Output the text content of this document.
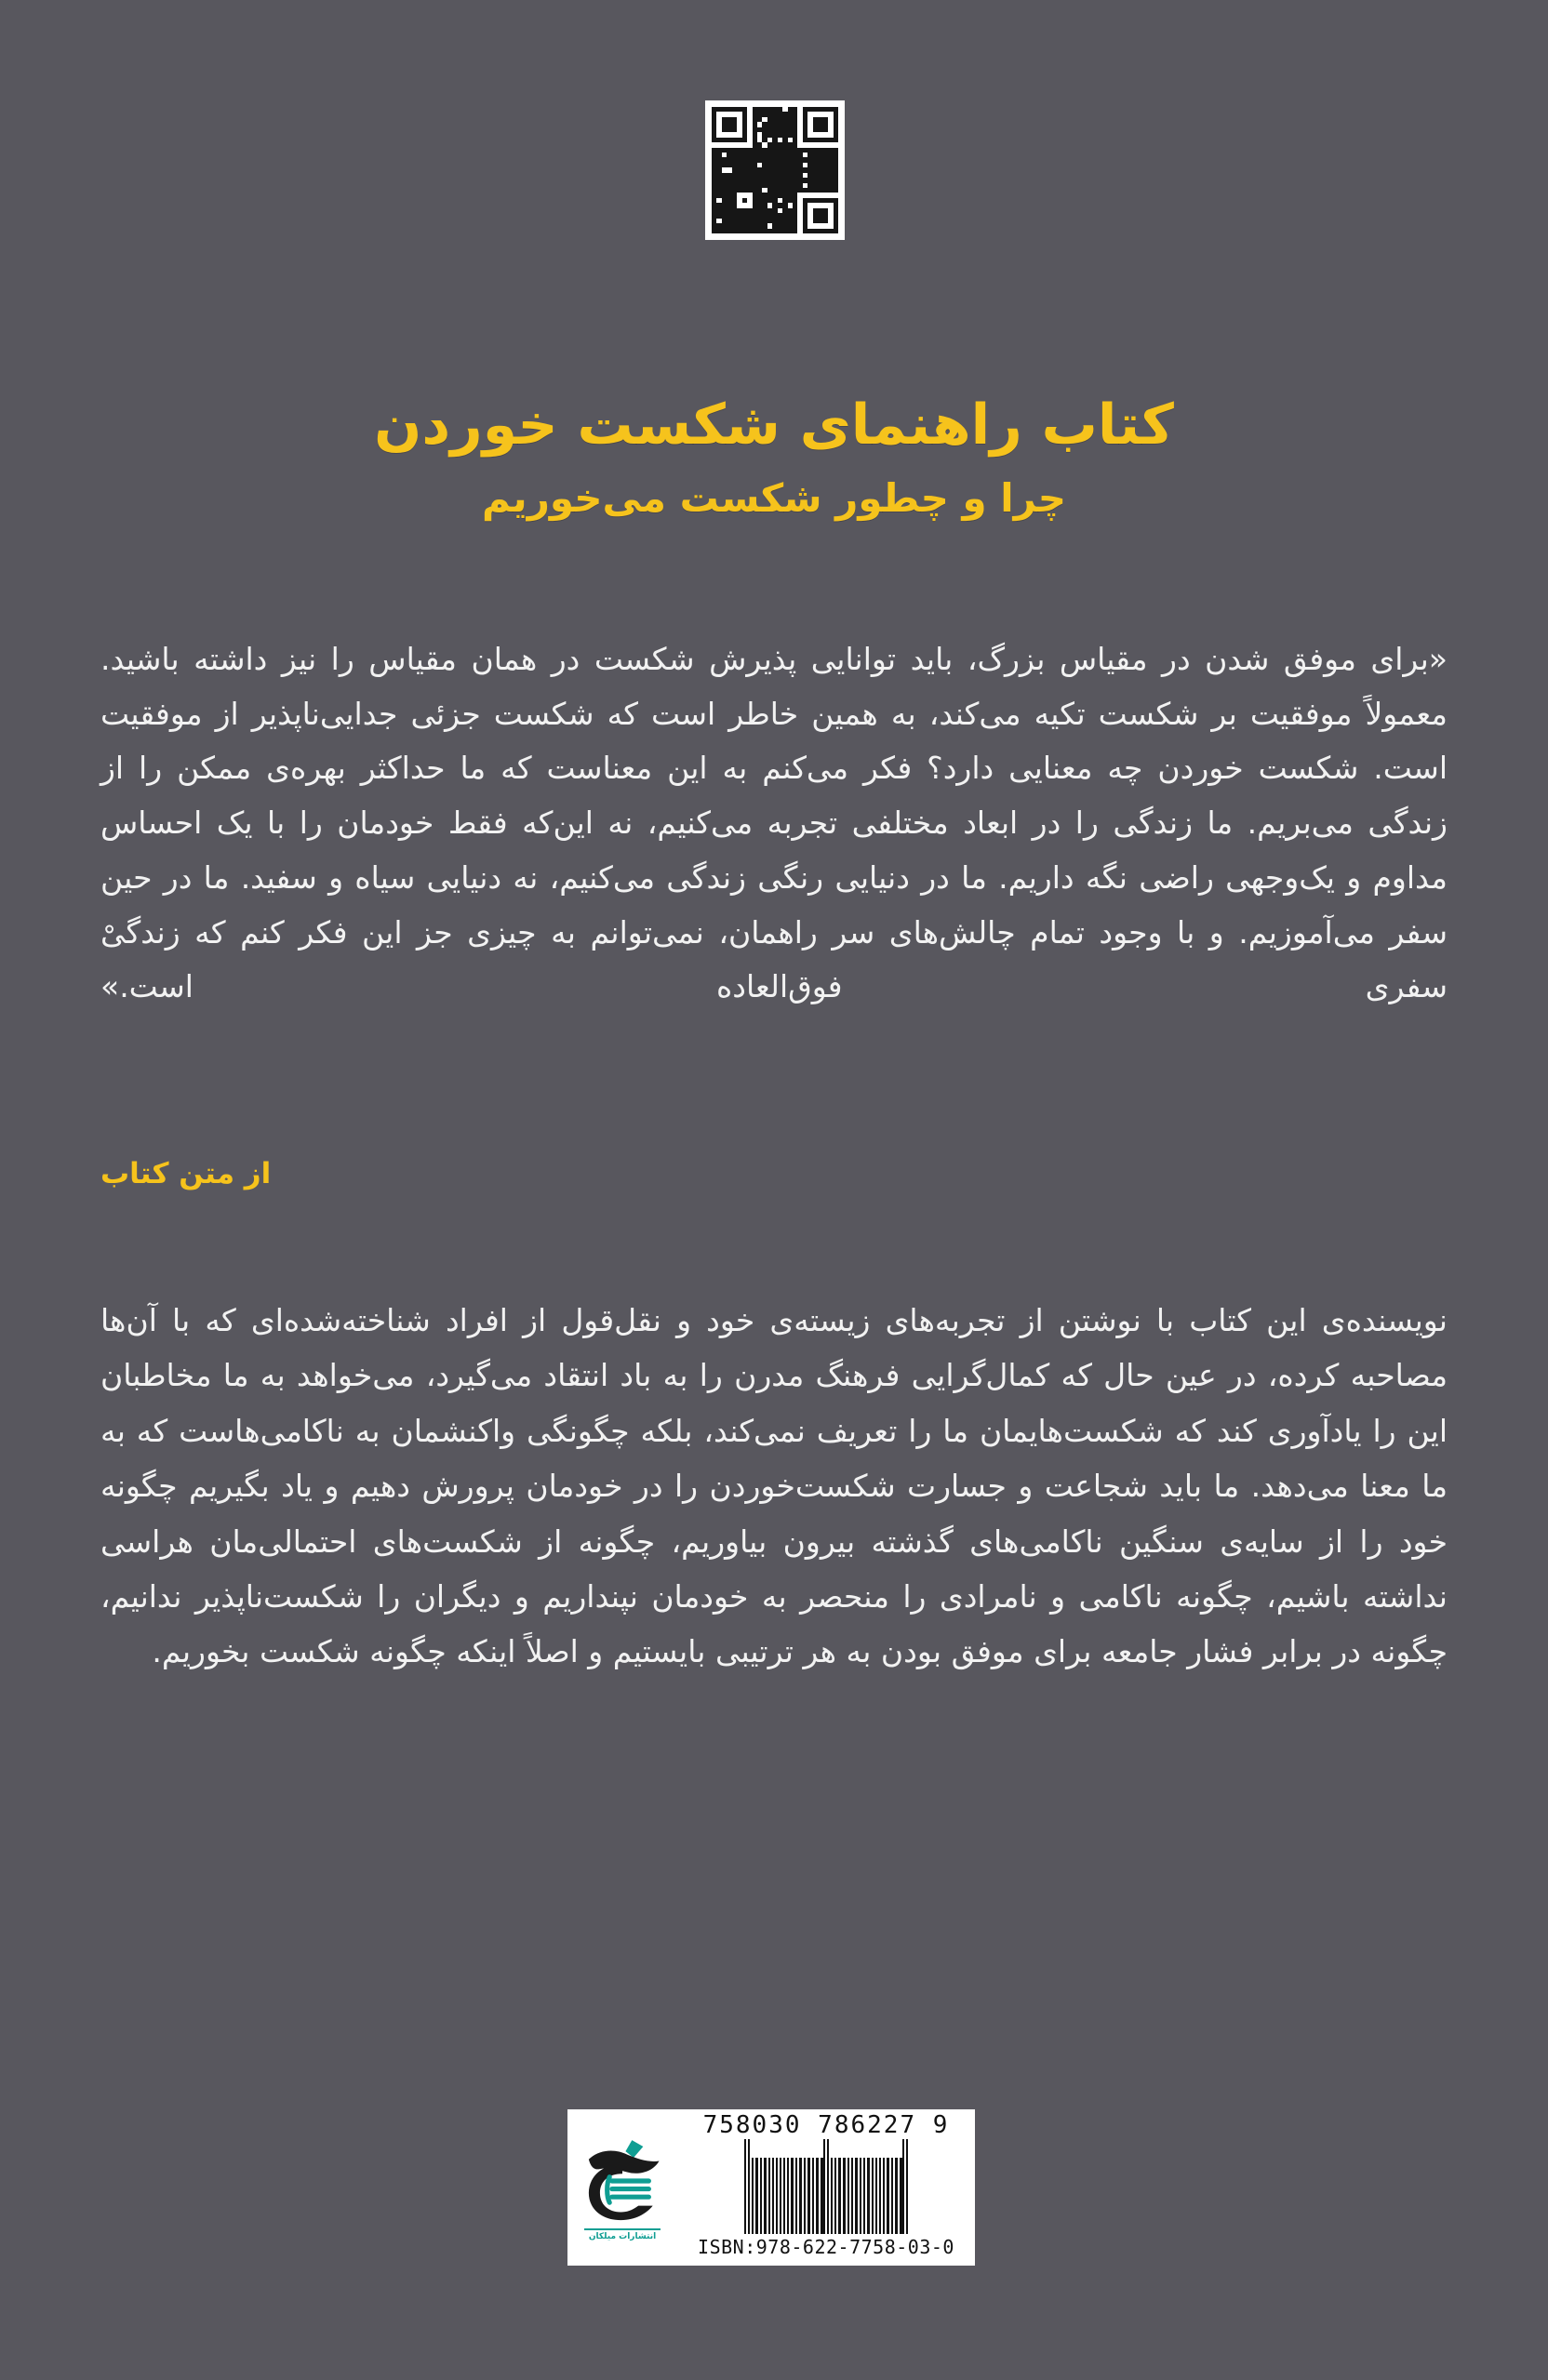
کتاب راهنمای شکست خوردن
چرا و چطور شکست می‌خوریم

«برای موفق شدن در مقیاس بزرگ، باید توانایی پذیرش شکست در همان مقیاس را نیز داشته باشید. معمولاً موفقیت بر شکست تکیه می‌کند، به همین خاطر است که شکست جزئی جدایی‌ناپذیر از موفقیت است. شکست خوردن چه معنایی دارد؟ فکر می‌کنم به این معناست که ما حداکثر بهره‌ی ممکن را از زندگی می‌بریم. ما زندگی را در ابعاد مختلفی تجربه می‌کنیم، نه این‌که فقط خودمان را با یک احساس مداوم و یک‌وجهی راضی نگه داریم. ما در دنیایی رنگی زندگی می‌کنیم، نه دنیایی سیاه و سفید. ما در حین سفر می‌آموزیم. و با وجود تمام چالش‌های سر راهمان، نمی‌توانم به چیزی جز این فکر کنم که زندگیْ سفری فوق‌العاده است.»

از متن کتاب

نویسنده‌ی این کتاب با نوشتن از تجربه‌های زیسته‌ی خود و نقل‌قول از افراد شناخته‌شده‌ای که با آن‌ها مصاحبه کرده، در عین حال که کمال‌گرایی فرهنگ مدرن را به باد انتقاد می‌گیرد، می‌خواهد به ما مخاطبان این را یادآوری کند که شکست‌هایمان ما را تعریف نمی‌کند، بلکه چگونگی واکنشمان به ناکامی‌هاست که به ما معنا می‌دهد. ما باید شجاعت و جسارت شکست‌خوردن را در خودمان پرورش دهیم و یاد بگیریم چگونه خود را از سایه‌ی سنگین ناکامی‌های گذشته بیرون بیاوریم، چگونه از شکست‌های احتمالی‌مان هراسی نداشته باشیم، چگونه ناکامی و نامرادی را منحصر به خودمان نپنداریم و دیگران را شکست‌ناپذیر ندانیم، چگونه در برابر فشار جامعه برای موفق بودن به هر ترتیبی بایستیم و اصلاً اینکه چگونه شکست بخوریم.

انتشارات میلکان	ISBN:978-622-7758-03-0
9 786227 758030
